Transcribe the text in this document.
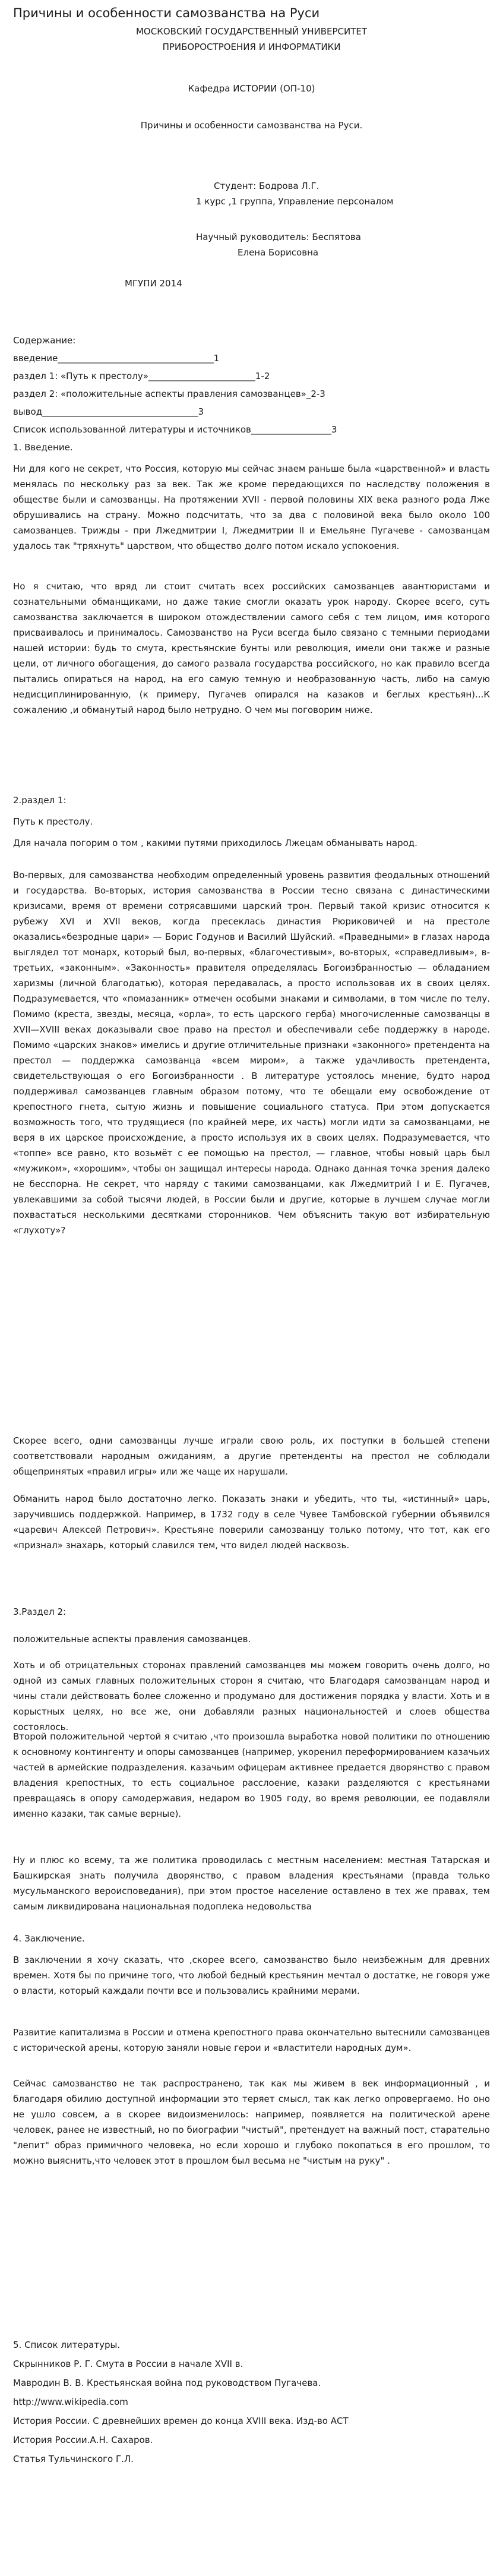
Причины и особенности самозванства на Руси
МОСКОВСКИЙ ГОСУДАРСТВЕННЫЙ УНИВЕРСИТЕТ
ПРИБОРОСТРОЕНИЯ И ИНФОРМАТИКИ
Кафедра ИСТОРИИ (ОП-10)
Причины и особенности самозванства на Руси.
Студент: Бодрова Л.Г.
1 курс ,1 группа, Управление персоналом
Научный руководитель: Беспятова
Елена Борисовна
МГУПИ 2014
Содержание:
введение___________________________________1
раздел 1: «Путь к престолу»________________________1-2
раздел 2: «положительные аспекты правления самозванцев»_2-3
вывод___________________________________3
Список использованной литературы и источников__________________3
1. Введение.

Ни для кого не секрет, что Россия, которую мы сейчас знаем раньше была «царственной» и власть менялась по нескольку раз за век. Так же кроме передающихся по наследству положения в обществе были и самозванцы. На протяжении XVII - первой половины XIX века разного рода Лже обрушивались на страну. Можно подсчитать, что за два с половиной века было около 100 самозванцев. Трижды - при Лжедмитрии I, Лжедмитрии II и Емельяне Пугачеве - самозванцам удалось так "тряхнуть" царством, что общество долго потом искало успокоения.

Но я считаю, что вряд ли стоит считать всех российских самозванцев авантюристами и сознательными обманщиками, но даже такие смогли оказать урок народу. Скорее всего, суть самозванства заключается в широком отождествлении самого себя с тем лицом, имя которого присваивалось и принималось. Самозванство на Руси всегда было связано с темными периодами нашей истории: будь то смута, крестьянские бунты или революция, имели они также и разные цели, от личного обогащения, до самого развала государства российского, но как правило всегда пытались опираться на народ, на его самую темную и необразованную часть, либо на самую недисциплинированную, (к примеру, Пугачев опирался на казаков и беглых крестьян)...К сожалению ,и обманутый народ было нетрудно. О чем мы поговорим ниже.

2.раздел 1:
Путь к престолу.

Для начала погорим о том , какими путями приходилось Лжецам обманывать народ.

Во-первых, для самозванства необходим определенный уровень развития феодальных отношений и государства. Во-вторых, история самозванства в России тесно связана с династическими кризисами, время от времени сотрясавшими царский трон. Первый такой кризис относится к рубежу XVI и XVII веков, когда пресеклась династия Рюриковичей и на престоле оказались«безродные цари» — Борис Годунов и Василий Шуйский. «Праведными» в глазах народа выглядел тот монарх, который был, во-первых, «благочестивым», во-вторых, «справедливым», в-третьих, «законным». «Законность» правителя определялась Богоизбранностью — обладанием харизмы (личной благодатью), которая передавалась, а просто использовав их в своих целях. Подразумевается, что «помазанник» отмечен особыми знаками и символами, в том числе по телу. Помимо (креста, звезды, месяца, «орла», то есть царского герба) многочисленные самозванцы в XVII—XVIII веках доказывали свое право на престол и обеспечивали себе поддержку в народе. Помимо «царских знаков» имелись и другие отличительные признаки «законного» претендента на престол — поддержка самозванца «всем миром», а также удачливость претендента, свидетельствующая о его Богоизбранности . В литературе устоялось мнение, будто народ поддерживал самозванцев главным образом потому, что те обещали ему освобождение от крепостного гнета, сытую жизнь и повышение социального статуса. При этом допускается возможность того, что трудящиеся (по крайней мере, их часть) могли идти за самозванцами, не веря в их царское происхождение, а просто используя их в своих целях. Подразумевается, что «топпе» все равно, кто возьмёт с ее помощью на престол, — главное, чтобы новый царь был «мужиком», «хорошим», чтобы он защищал интересы народа. Однако данная точка зрения далеко не бесспорна. Не секрет, что наряду с такими самозванцами, как Лжедмитрий I и Е. Пугачев, увлекавшими за собой тысячи людей, в России были и другие, которые в лучшем случае могли похвастаться несколькими десятками сторонников. Чем объяснить такую вот избирательную «глухоту»?

Скорее всего, одни самозванцы лучше играли свою роль, их поступки в большей степени соответствовали народным ожиданиям, а другие претенденты на престол не соблюдали общепринятых «правил игры» или же чаще их нарушали.

Обманить народ было достаточно легко. Показать знаки и убедить, что ты, «истинный» царь, заручившись поддержкой. Например, в 1732 году в селе Чувее Тамбовской губернии объявился «царевич Алексей Петрович». Крестьяне поверили самозванцу только потому, что тот, как его «признал» знахарь, который славился тем, что видел людей насквозь.

3.Раздел 2:
положительные аспекты правления самозванцев.

Хоть и об отрицательных сторонах правлений самозванцев мы можем говорить очень долго, но одной из самых главных положительных сторон я считаю, что Благодаря самозванцам народ и чины стали действовать более сложенно и продумано для достижения порядка у власти. Хоть и в корыстных целях, но все же, они добавляли разных национальностей и слоев общества состоялось.

Второй положительной чертой я считаю ,что произошла выработка новой политики по отношению к основному контингенту и опоры самозванцев (например, укоренил переформированием казачьих частей в армейские подразделения. казачьим офицерам активнее предается дворянство с правом владения крепостных, то есть социальное расслоение, казаки разделяются с крестьянами превращаясь в опору самодержавия, недаром во 1905 году, во время революции, ее подавляли именно казаки, так самые верные).

Ну и плюс ко всему, та же политика проводилась с местным населением: местная Татарская и Башкирская знать получила дворянство, с правом владения крестьянами (правда только мусульманского вероисповедания), при этом простое население оставлено в тех же правах, тем самым ликвидирована национальная подоплека недовольства

4. Заключение.

В заключении я хочу сказать, что ,скорее всего, самозванство было неизбежным для древних времен. Хотя бы по причине того, что любой бедный крестьянин мечтал о достатке, не говоря уже о власти, который каждали почти все и пользовались крайними мерами.

Развитие капитализма в России и отмена крепостного права окончательно вытеснили самозванцев с исторической арены, которую заняли новые герои и «властители народных дум».

Сейчас самозванство не так распространено, так как мы живем в век информационный , и благодаря обилию доступной информации это теряет смысл, так как легко опровергаемо. Но оно не ушло совсем, а в скорее видоизменилось: например, появляется на политической арене человек, ранее не известный, но по биографии "чистый", претендует на важный пост, старательно "лепит" образ примичного человека, но если хорошо и глубоко покопаться в его прошлом, то можно выяснить,что человек этот в прошлом был весьма не "чистым на руку" .

5. Список литературы.
Скрынников Р. Г. Смута в России в начале XVII в.
Мавродин В. В. Крестьянская война под руководством Пугачева.
http://www.wikipedia.com
История России. С древнейших времен до конца XVIII века. Изд-во АСТ
История России.А.Н. Сахаров.
Статья Тульчинского Г.Л.
